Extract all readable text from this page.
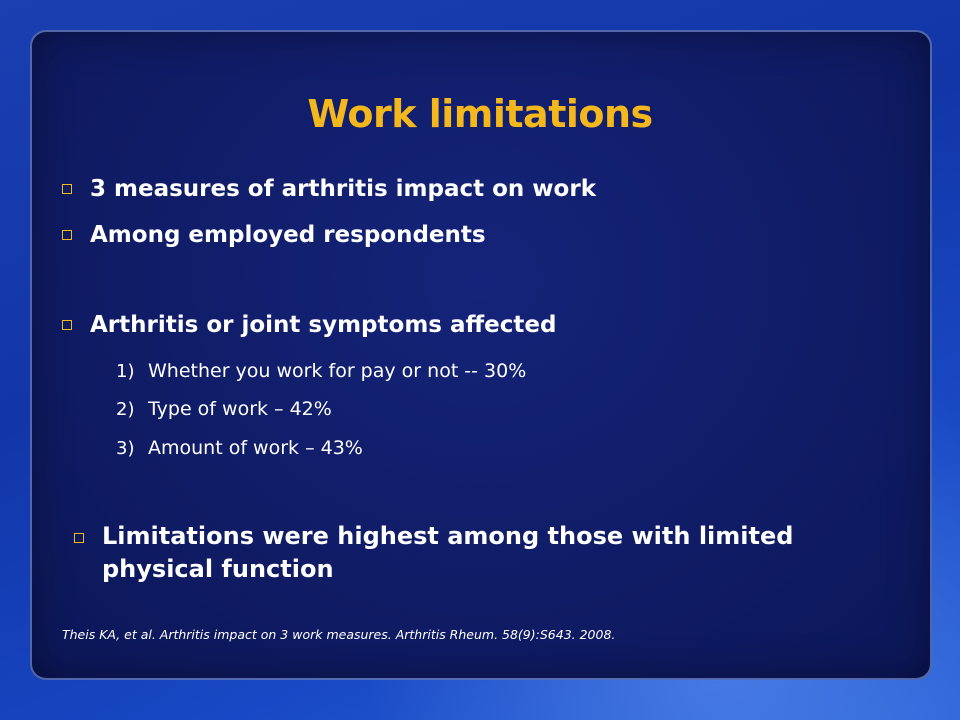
Work limitations
3 measures of arthritis impact on work
Among employed respondents
Arthritis or joint symptoms affected
1) Whether you work for pay or not -- 30%
2) Type of work – 42%
3) Amount of work – 43%
Limitations were highest among those with limited physical function
Theis KA, et al. Arthritis impact on 3 work measures. Arthritis Rheum. 58(9):S643. 2008.
